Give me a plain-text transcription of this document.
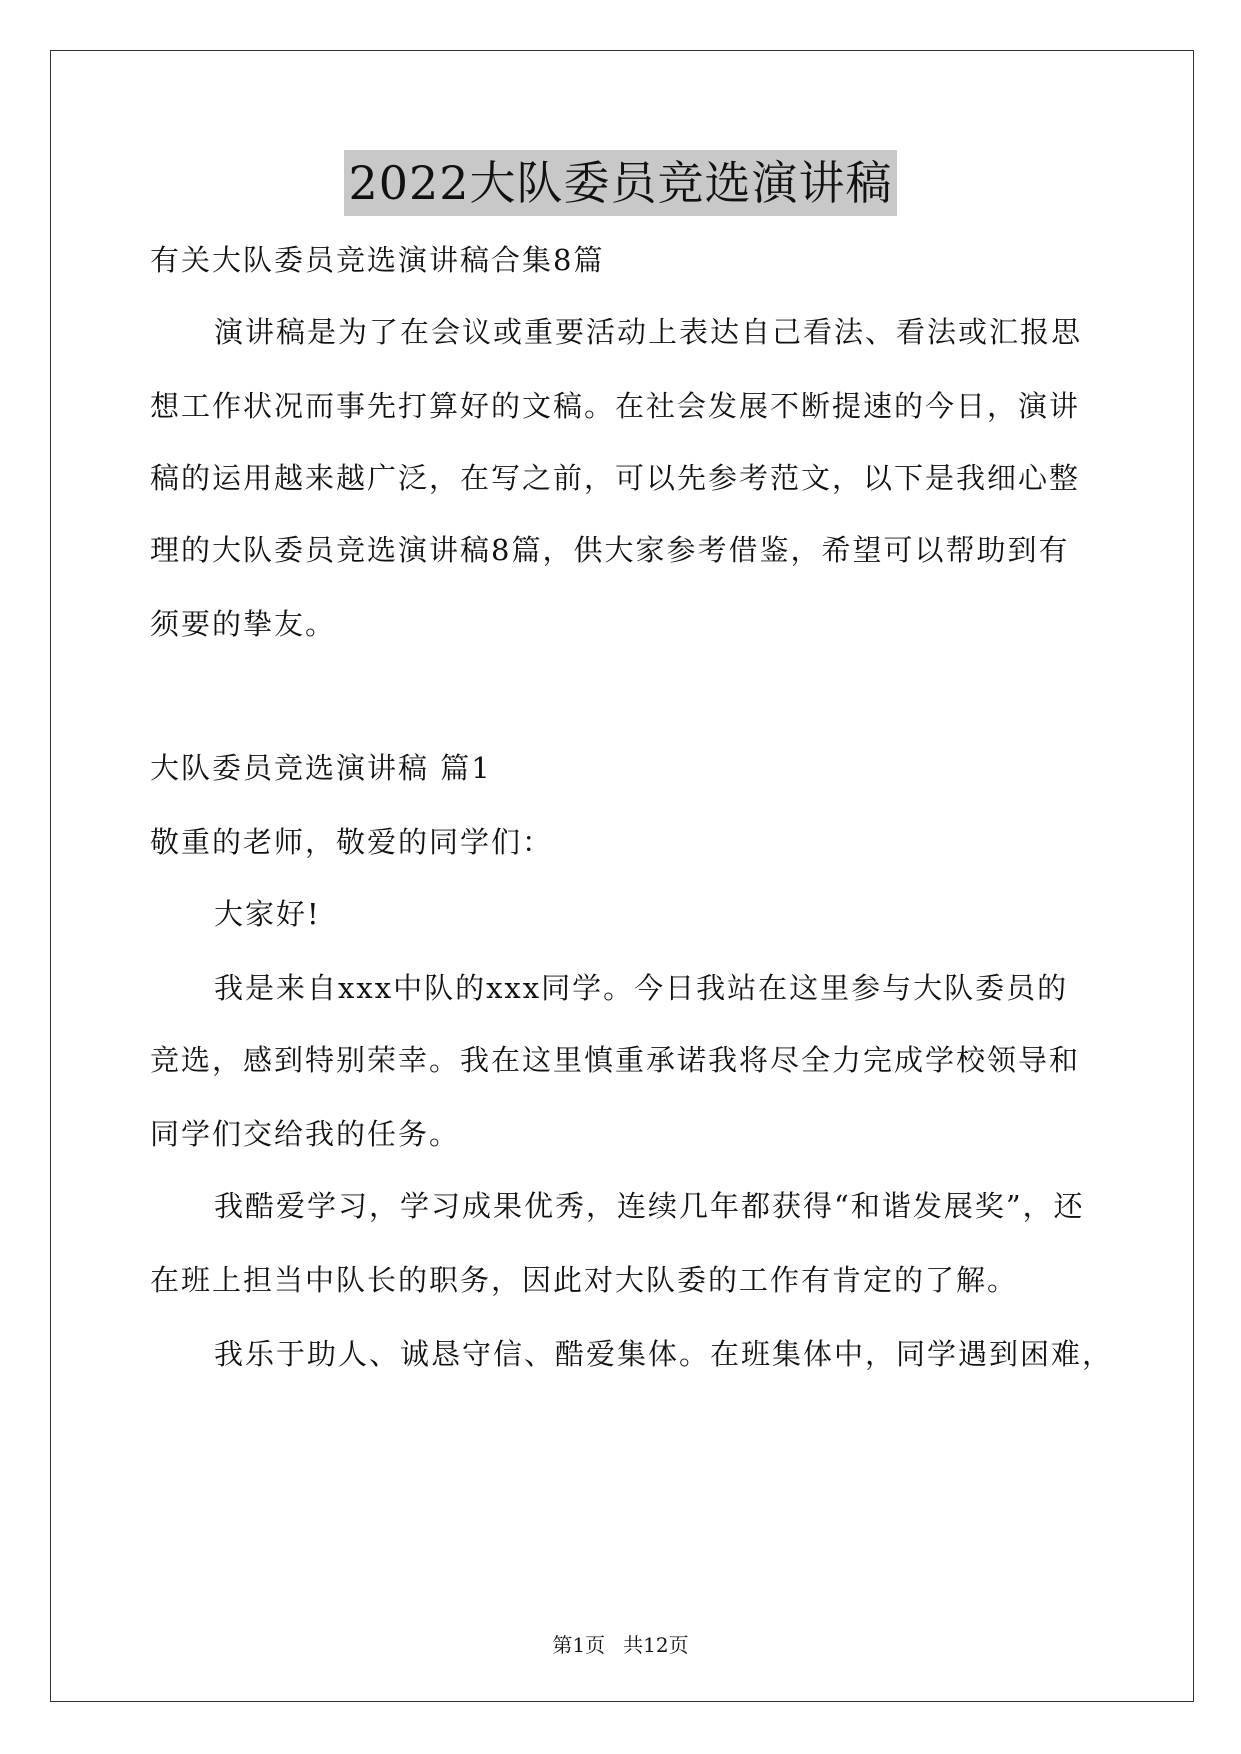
2022大队委员竞选演讲稿
有关大队委员竞选演讲稿合集8篇
演讲稿是为了在会议或重要活动上表达自己看法、看法或汇报思
想工作状况而事先打算好的文稿。在社会发展不断提速的今日，演讲
稿的运用越来越广泛，在写之前，可以先参考范文，以下是我细心整
理的大队委员竞选演讲稿8篇，供大家参考借鉴，希望可以帮助到有
须要的挚友。
大队委员竞选演讲稿 篇1
敬重的老师，敬爱的同学们：
大家好!
我是来自xxx中队的xxx同学。今日我站在这里参与大队委员的
竞选，感到特别荣幸。我在这里慎重承诺我将尽全力完成学校领导和
同学们交给我的任务。
我酷爱学习，学习成果优秀，连续几年都获得“和谐发展奖”，还
在班上担当中队长的职务，因此对大队委的工作有肯定的了解。
我乐于助人、诚恳守信、酷爱集体。在班集体中，同学遇到困难，
第1页 共12页
